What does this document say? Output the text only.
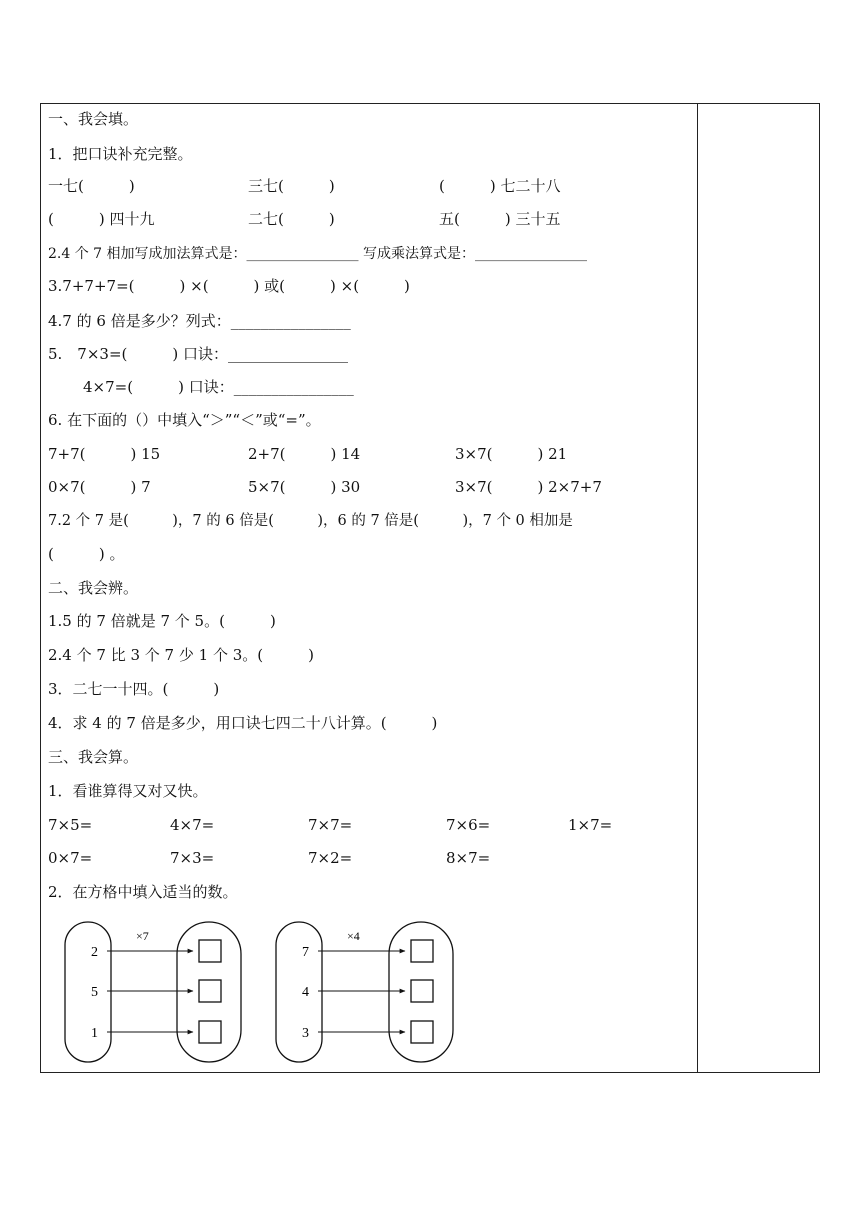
一、我会填。
1．把口诀补充完整。
一七(　　　)	三七(　　　)	(　　　) 七二十八
(　　　) 四十九	二七(　　　)	五(　　　) 三十五
2.4 个 7 相加写成加法算式是：________________ 写成乘法算式是：________________
3.7+7+7=(　　　) ×(　　　) 或(　　　) ×(　　　)
4.7 的 6 倍是多少？列式：________________
5.　7×3=(　　　) 口诀：________________
4×7=(　　　) 口诀：________________
6. 在下面的（）中填入“＞”“＜”或“=”。
7+7(　　　) 15	2+7(　　　) 14	3×7(　　　) 21
0×7(　　　) 7	5×7(　　　) 30	3×7(　　　) 2×7+7
7.2 个 7 是(　　　)，7 的 6 倍是(　　　)，6 的 7 倍是(　　　)，7 个 0 相加是
(　　　) 。
二、我会辨。
1.5 的 7 倍就是 7 个 5。(　　　)
2.4 个 7 比 3 个 7 少 1 个 3。(　　　)
3．二七一十四。(　　　)
4．求 4 的 7 倍是多少，用口诀七四二十八计算。(　　　)
三、我会算。
1．看谁算得又对又快。
7×5=	4×7=	7×7=	7×6=	1×7=
0×7=	7×3=	7×2=	8×7=
2．在方格中填入适当的数。
×7
2
5
1
×4
7
4
3
